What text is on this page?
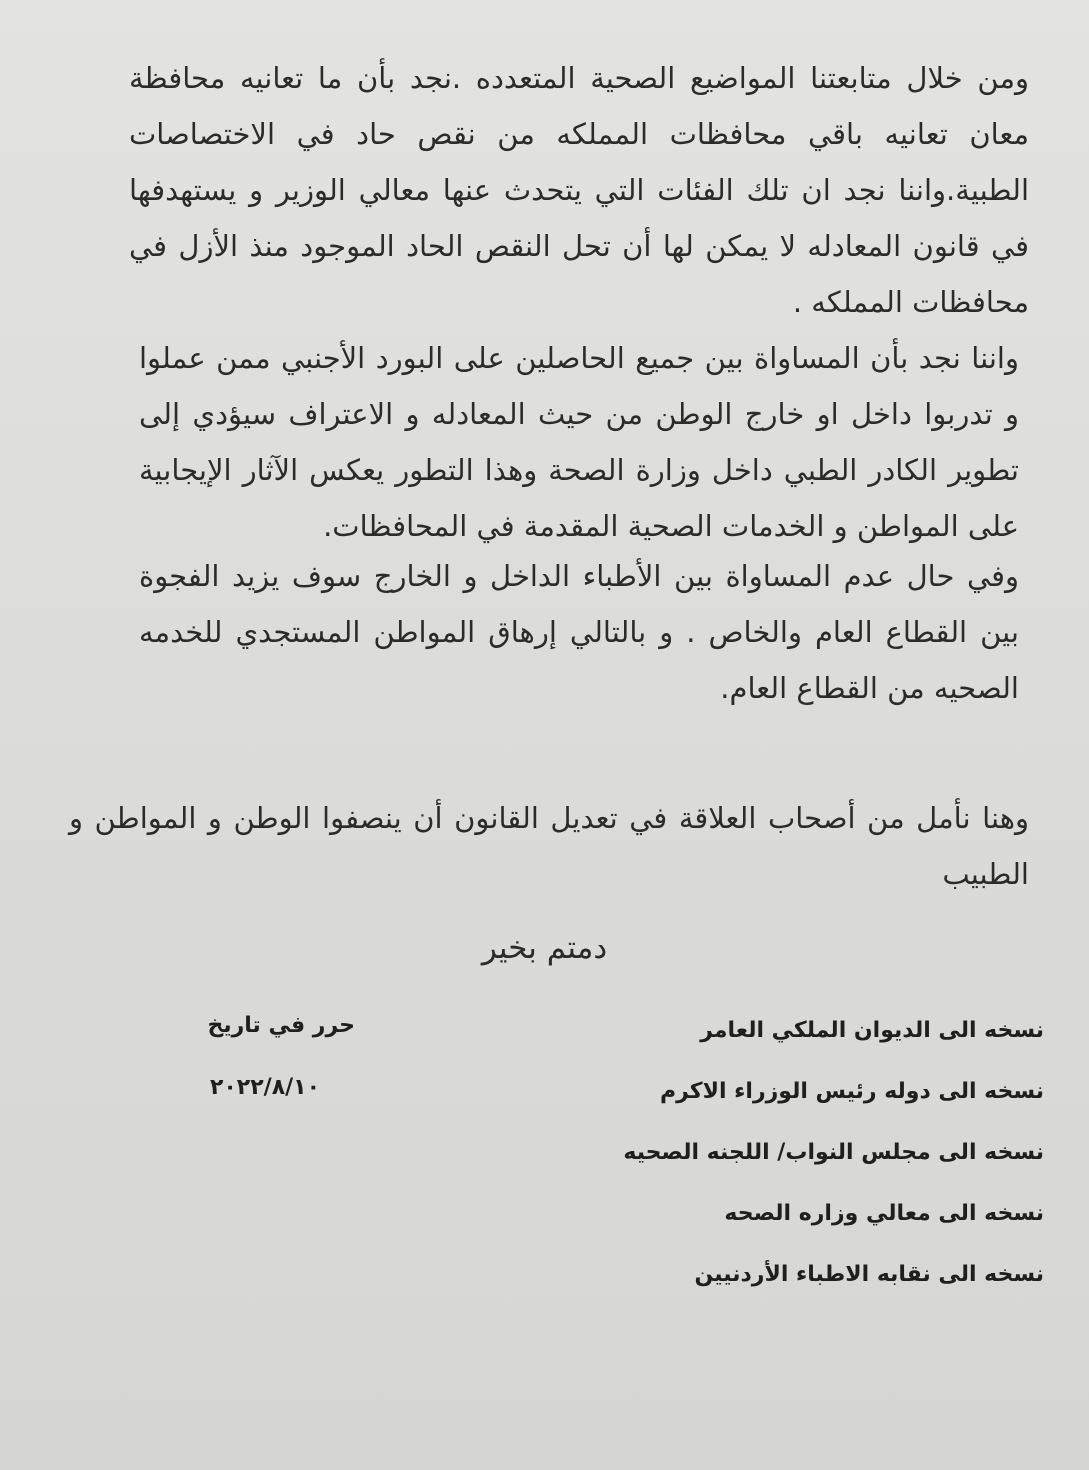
ومن خلال متابعتنا المواضيع الصحية المتعدده .نجد بأن ما تعانيه محافظة معان تعانيه باقي محافظات المملكه من نقص حاد في الاختصاصات الطبية.واننا نجد ان تلك الفئات التي يتحدث عنها معالي الوزير و يستهدفها في قانون المعادله لا يمكن لها أن تحل النقص الحاد الموجود منذ الأزل في محافظات المملكه .

واننا نجد بأن المساواة بين جميع الحاصلين على البورد الأجنبي ممن عملوا و تدربوا داخل او خارج الوطن من حيث المعادله و الاعتراف سيؤدي إلى تطوير الكادر الطبي داخل وزارة الصحة وهذا التطور يعكس الآثار الإيجابية على المواطن و الخدمات الصحية المقدمة في المحافظات.

وفي حال عدم المساواة بين الأطباء الداخل و الخارج سوف يزيد الفجوة بين القطاع العام والخاص . و بالتالي إرهاق المواطن المستجدي للخدمه الصحيه من القطاع العام.

وهنا نأمل من أصحاب العلاقة في تعديل القانون أن ينصفوا الوطن و المواطن و الطبيب

دمتم بخير
نسخه الى الديوان الملكي العامر
نسخه الى دوله رئيس الوزراء الاكرم
نسخه الى مجلس النواب/ اللجنه الصحيه
نسخه الى معالي وزاره الصحه
نسخه الى نقابه الاطباء الأردنيين
حرر في تاريخ
٢٠٢٢/٨/١٠
